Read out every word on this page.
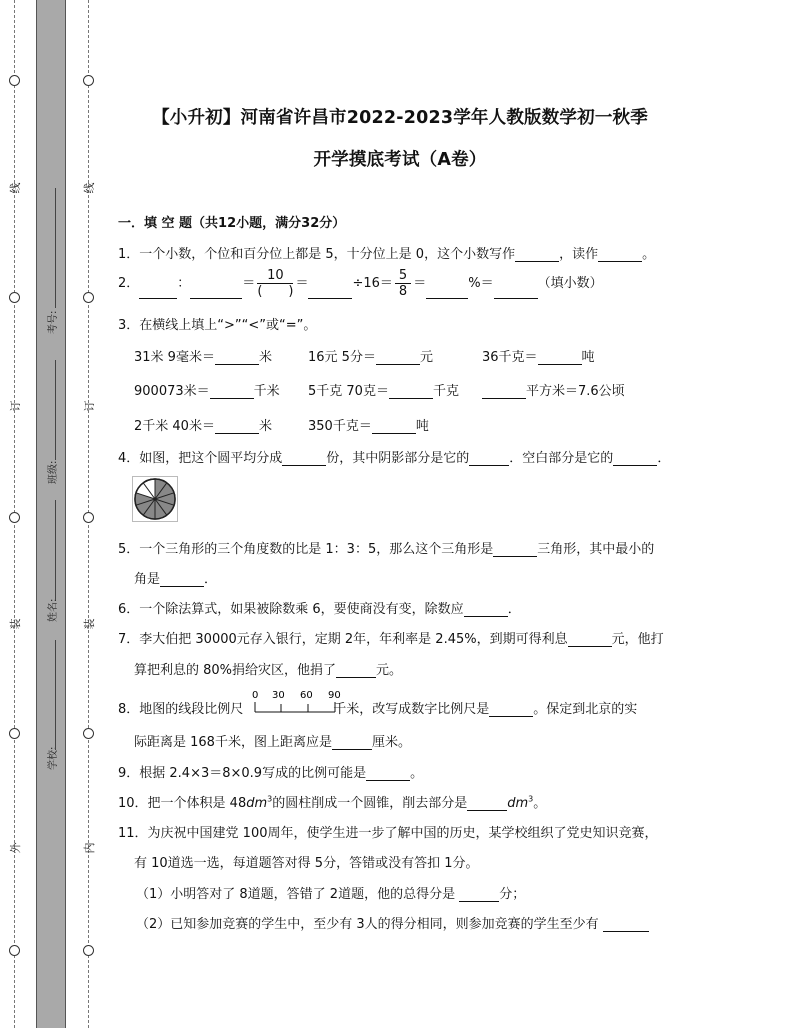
线
订
装
外
线
订
装
内
考号:
班级:
姓名:
学校:
【小升初】河南省许昌市2022-2023学年人教版数学初一秋季
开学摸底考试（A卷）
一．填 空 题（共12小题，满分32分）
1．一个小数，个位和百分位上都是 5，十分位上是 0，这个小数写作	，读作	。
2．	：	＝ $\frac{10}{( )}$ ＝	$\div 16= \frac{5}{8}$ ＝	%＝	（填小数）
3．在横线上填上“>”“<”或“=”。
31米 9毫米＝	米	16元 5分＝	元	36千克＝	吨
900073米＝	千米 5千克 70克＝	千克	平方米＝7.6公顷
2千米 40米＝	米	350千克＝	吨
4．如图，把这个圆平均分成	份，其中阴影部分是它的	．空白部分是它的	．
5．一个三角形的三个角度数的比是 1：3：5，那么这个三角形是	三角形，其中最小的
角是	．
6．一个除法算式，如果被除数乘 6，要使商没有变，除数应	．
7．李大伯把 30000元存入银行，定期 2年，年利率是 2.45%，到期可得利息	元，他打
算把利息的 80%捐给灾区，他捐了	元。
8．地图的线段比例尺	千米，改写成数字比例尺是	。保定到北京的实
0 30 60 90
际距离是 168千米，图上距离应是	厘米。
9．根据 2.4×3＝8×0.9写成的比例可能是	。
10．把一个体积是 $48dm^3$的圆柱削成一个圆锥，削去部分是	$dm^3$。
11．为庆祝中国建党 100周年，使学生进一步了解中国的历史，某学校组织了党史知识竞赛，
有 10道选一选，每道题答对得 5分，答错或没有答扣 1分。
（1）小明答对了 8道题，答错了 2道题，他的总得分是	分；
（2）已知参加竞赛的学生中，至少有 3人的得分相同，则参加竞赛的学生至少有
